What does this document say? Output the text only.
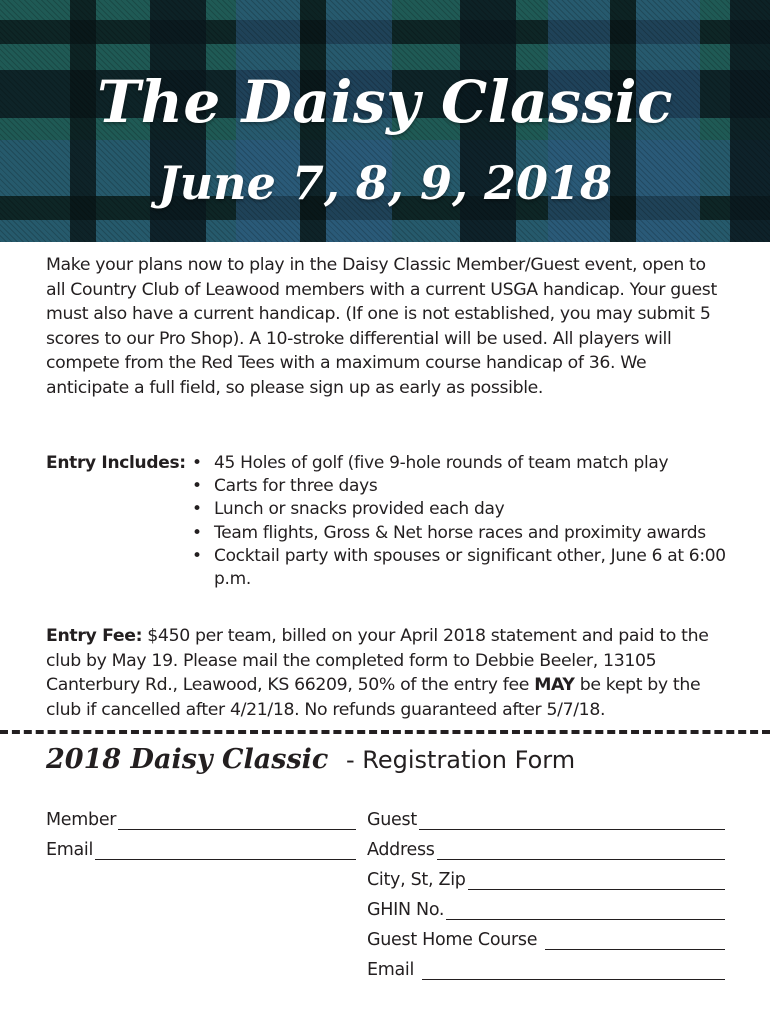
The Daisy Classic
June 7, 8, 9, 2018

Make your plans now to play in the Daisy Classic Member/Guest event, open to all Country Club of Leawood members with a current USGA handicap. Your guest must also have a current handicap. (If one is not established, you may submit 5 scores to our Pro Shop). A 10-stroke differential will be used. All players will compete from the Red Tees with a maximum course handicap of 36. We anticipate a full field, so please sign up as early as possible.

Entry Includes:
•	45 Holes of golf (five 9-hole rounds of team match play
• Carts for three days
• Lunch or snacks provided each day
• Team flights, Gross & Net horse races and proximity awards
• Cocktail party with spouses or significant other, June 6 at 6:00 p.m.

Entry Fee: $450 per team, billed on your April 2018 statement and paid to the club by May 19. Please mail the completed form to Debbie Beeler, 13105 Canterbury Rd., Leawood, KS 66209, 50% of the entry fee MAY be kept by the club if cancelled after 4/21/18. No refunds guaranteed after 5/7/18.

2018 Daisy Classic - Registration Form
Member
Email
Guest
Address
City, St, Zip
GHIN No.
Guest Home Course
Email
